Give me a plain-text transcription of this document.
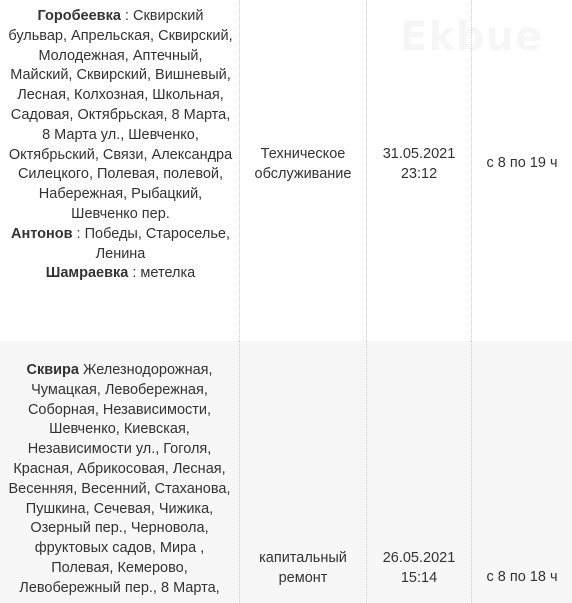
Горобеевка : Сквирский бульвар, Апрельская, Сквирский, Молодежная, Аптечный, Майский, Сквирский, Вишневый, Лесная, Колхозная, Школьная, Садовая, Октябрьская, 8 Марта, 8 Марта ул., Шевченко, Октябрьский, Связи, Александра Силецкого, Полевая, полевой, Набережная, Рыбацкий, Шевченко пер.
Антонов : Победы, Староселье, Ленина
Шамраевка : метелка
Техническое обслуживание
31.05.2021
23:12
с 8 по 19 ч
Сквира Железнодорожная, Чумацкая, Левобережная, Соборная, Независимости, Шевченко, Киевская, Независимости ул., Гоголя, Красная, Абрикосовая, Лесная, Весенняя, Весенний, Стаханова, Пушкина, Сечевая, Чижика, Озерный пер., Черновола, фруктовых садов, Мира , Полевая, Кемерово, Левобережный пер., 8 Марта,
капитальный ремонт
26.05.2021
15:14	с 8 по 18 ч
